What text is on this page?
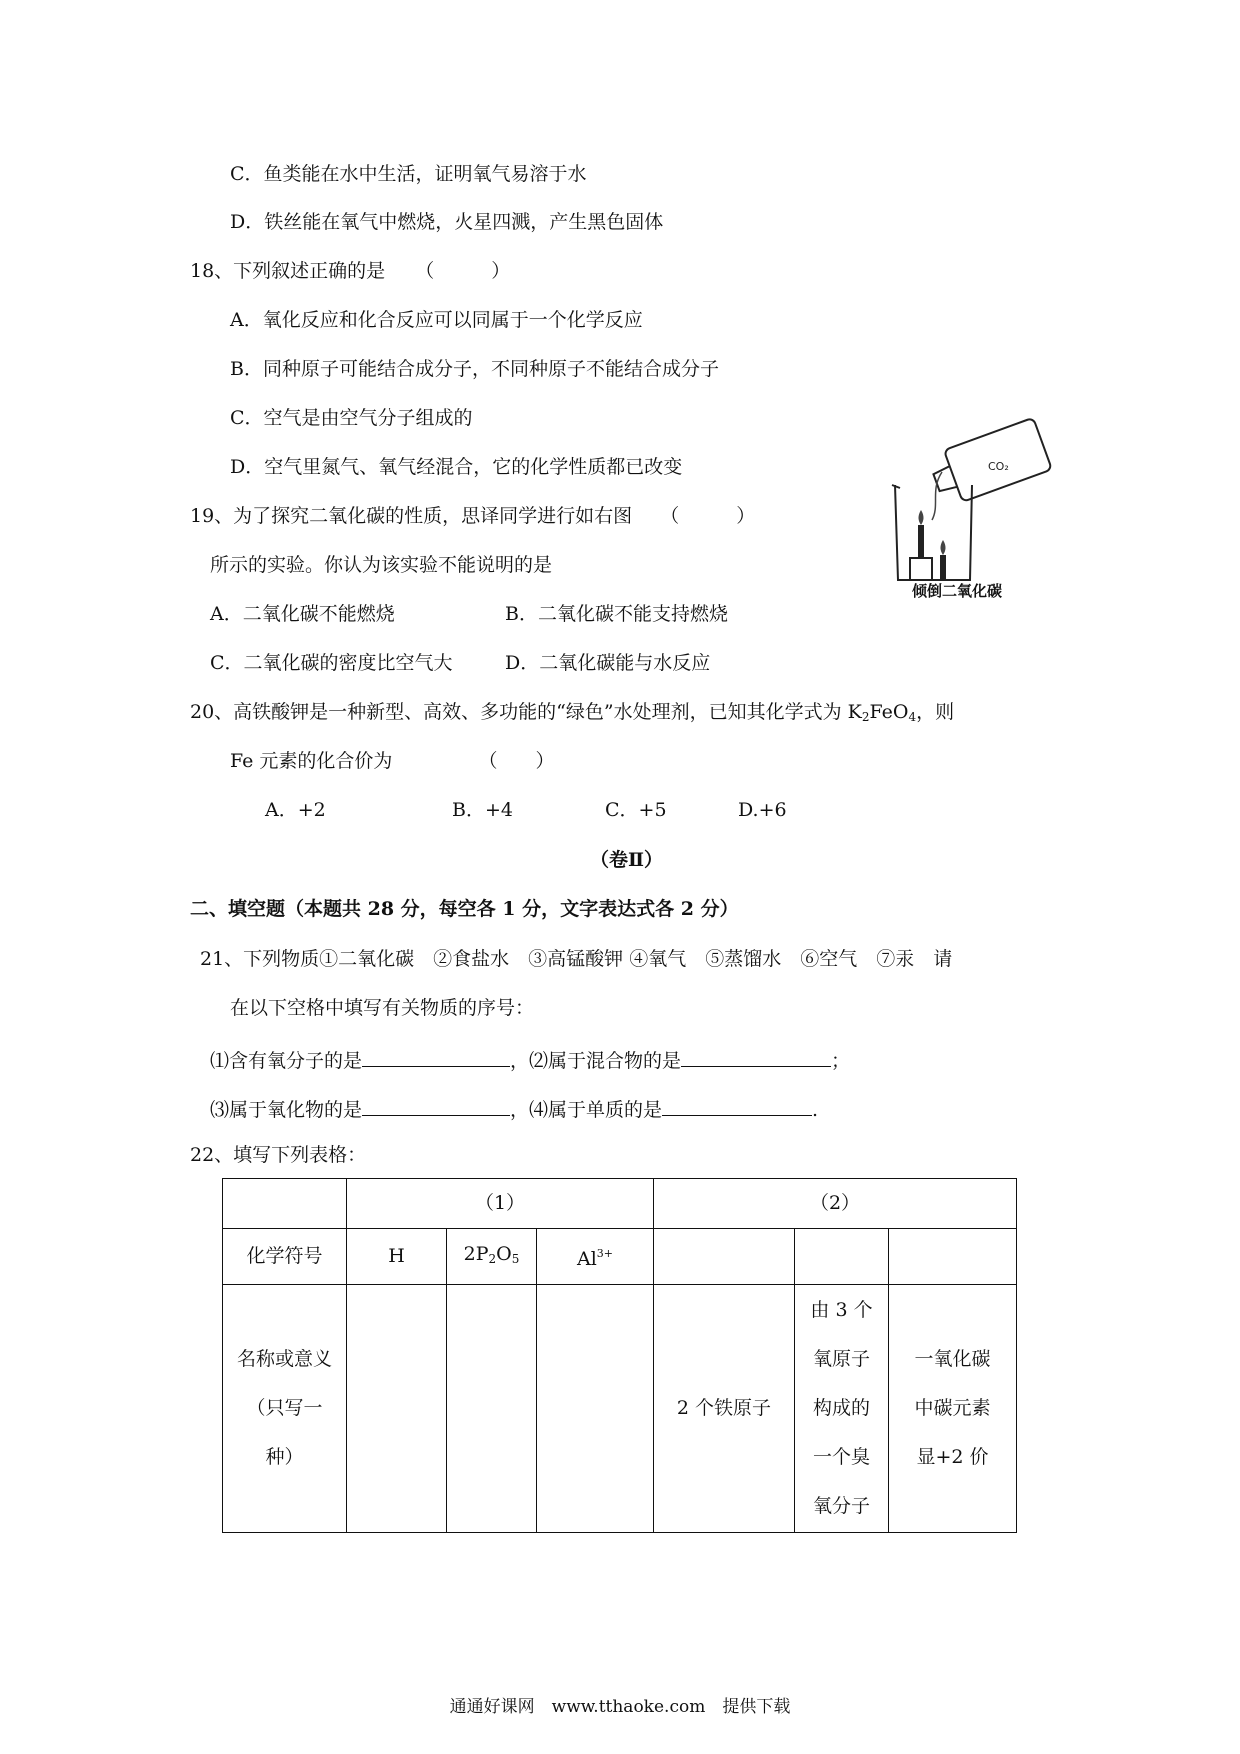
C．鱼类能在水中生活，证明氧气易溶于水
D．铁丝能在氧气中燃烧，火星四溅，产生黑色固体
18、下列叙述正确的是 （　　　）
A．氧化反应和化合反应可以同属于一个化学反应
B．同种原子可能结合成分子，不同种原子不能结合成分子
C．空气是由空气分子组成的
D．空气里氮气、氧气经混合，它的化学性质都已改变
19、为了探究二氧化碳的性质，思译同学进行如右图 （　　　）
所示的实验。你认为该实验不能说明的是
A．二氧化碳不能燃烧	B．二氧化碳不能支持燃烧
C．二氧化碳的密度比空气大	D．二氧化碳能与水反应
CO₂
倾倒二氧化碳
20、高铁酸钾是一种新型、高效、多功能的“绿色”水处理剂，已知其化学式为 $K_2FeO_4$，则
Fe 元素的化合价为	（　　）
A．+2	B．+4	C．+5	D.+6
（卷Ⅱ）
二、填空题（本题共 28 分，每空各 1 分，文字表达式各 2 分）
21、下列物质①二氧化碳　②食盐水　③高锰酸钾 ④氧气　⑤蒸馏水　⑥空气　⑦汞　请
在以下空格中填写有关物质的序号：
⑴含有氧分子的是	，⑵属于混合物的是	；
⑶属于氧化物的是	，⑷属于单质的是	.
22、填写下列表格：
	（1）			（2）		
化学符号	H	$2P_2O_5$	$Al^{3+}$			
名称或意义（只写一种）				2 个铁原子	由 3 个氧原子构成的一个臭氧分子	一氧化碳中碳元素显+2 价
通通好课网　www.tthaoke.com　提供下载
